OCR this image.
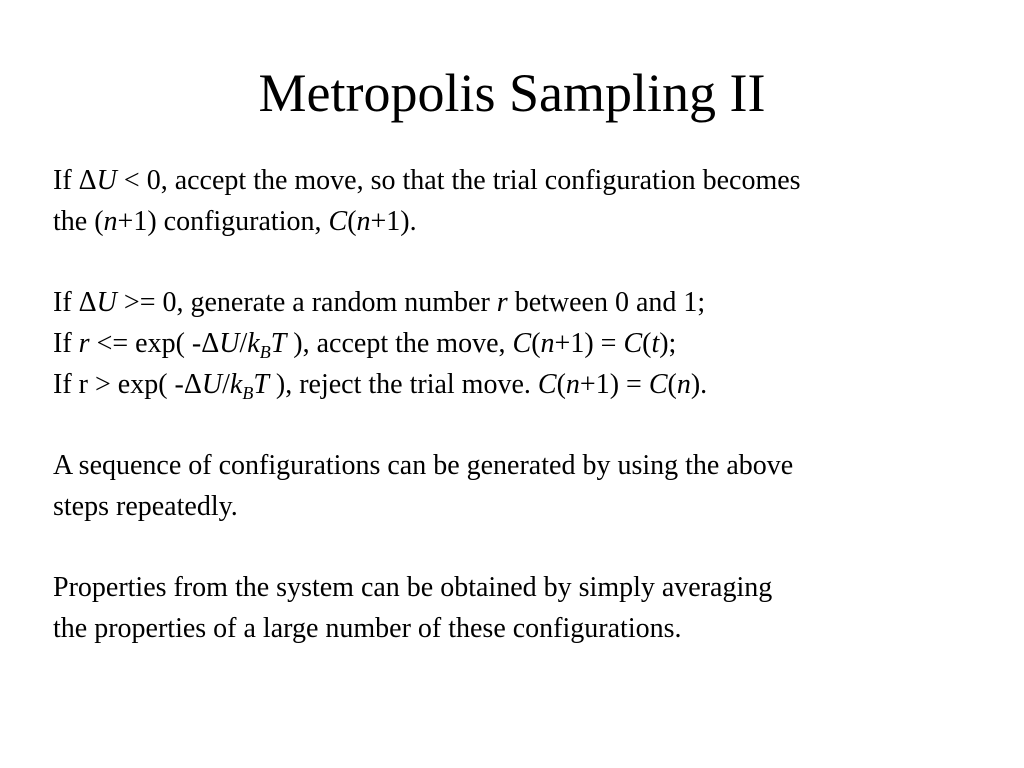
Metropolis Sampling II
If ΔU < 0, accept the move, so that the trial configuration becomes
the (n+1) configuration, C(n+1).
If ΔU >= 0, generate a random number r between 0 and 1;
If r <= exp( $-\Delta U/k_BT$ ), accept the move, C(n+1) = C(t);
If r > exp( $-\Delta U/k_BT$ ), reject the trial move. C(n+1) = C(n).
A sequence of configurations can be generated by using the above
steps repeatedly.
Properties from the system can be obtained by simply averaging
the properties of a large number of these configurations.
